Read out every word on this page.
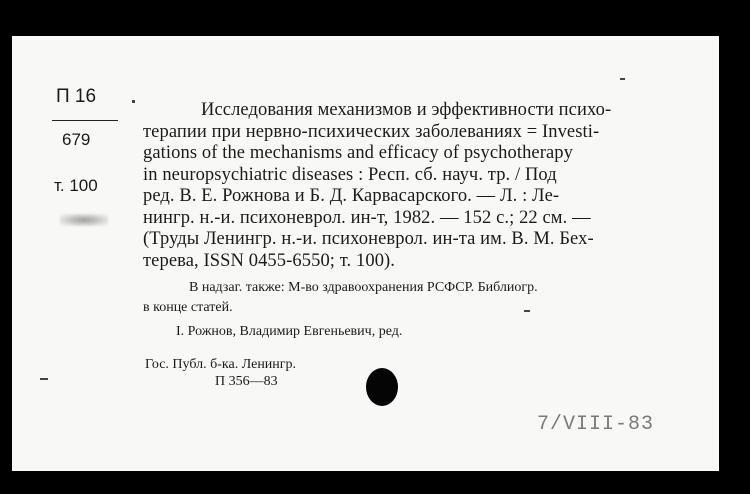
П 16
679
т. 100
Исследования механизмов и эффективности психо-
терапии при нервно-психических заболеваниях = Investi-
gations of the mechanisms and efficacy of psychotherapy
in neuropsychiatric diseases : Респ. сб. науч. тр. / Под
ред. В. Е. Рожнова и Б. Д. Карвасарского. — Л. : Ле-
нингр. н.-и. психоневрол. ин-т, 1982. — 152 с.; 22 см. —
(Труды Ленингр. н.-и. психоневрол. ин-та им. В. М. Бех-
терева, ISSN 0455-6550; т. 100).
В надзаг. также: М-во здравоохранения РСФСР. Библиогр.
в конце статей.
I. Рожнов, Владимир Евгеньевич, ред.
Гос. Публ. б-ка. Ленингр.
П 356—83
7/VIII-83
